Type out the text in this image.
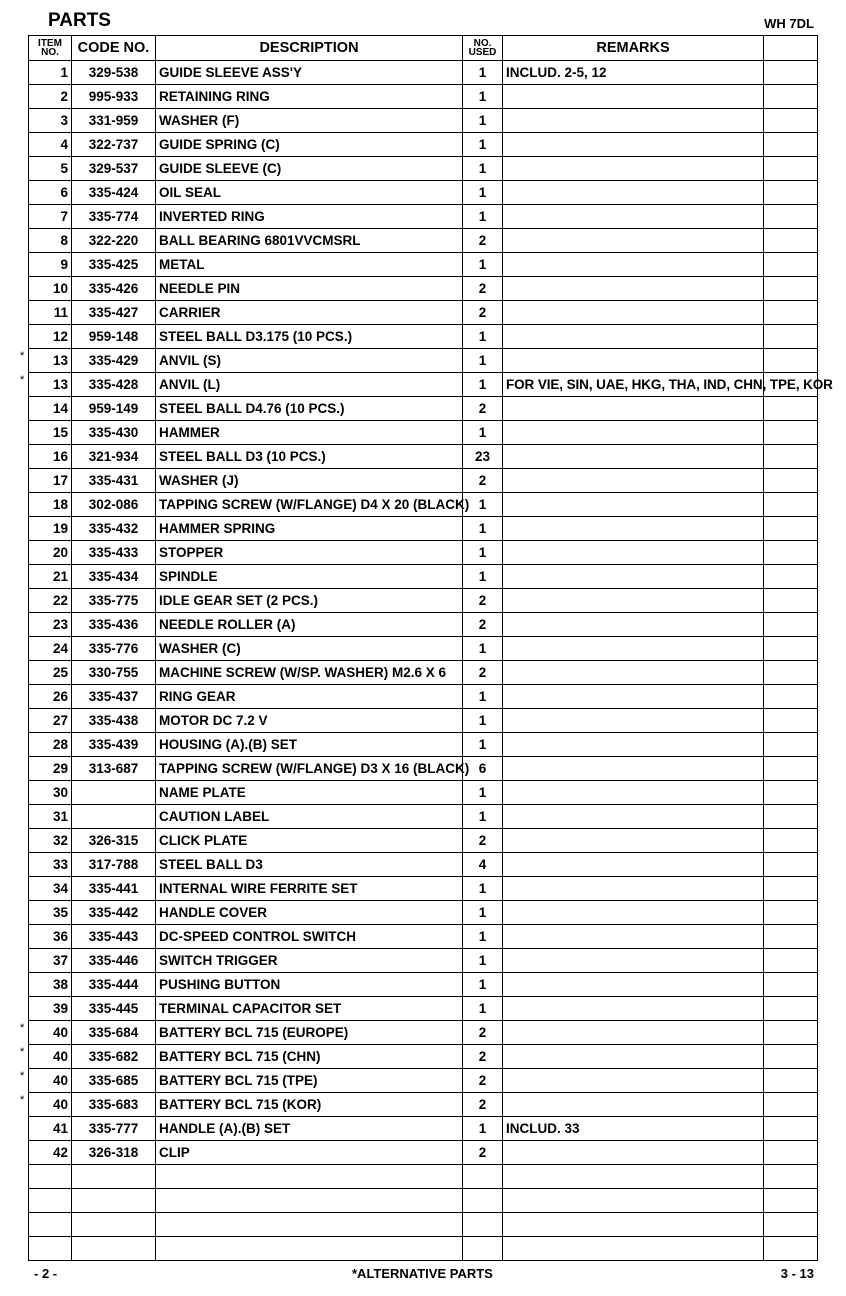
PARTS	WH 7DL
ITEM
NO.	CODE NO.	DESCRIPTION	NO.
USED	REMARKS	
1	329-538	GUIDE SLEEVE ASS'Y	1	INCLUD. 2-5, 12	
2	995-933	RETAINING RING	1		
3	331-959	WASHER (F)	1		
4	322-737	GUIDE SPRING (C)	1		
5	329-537	GUIDE SLEEVE (C)	1		
6	335-424	OIL SEAL	1		
7	335-774	INVERTED RING	1		
8	322-220	BALL BEARING 6801VVCMSRL	2		
9	335-425	METAL	1		
10	335-426	NEEDLE PIN	2		
11	335-427	CARRIER	2		
12	959-148	STEEL BALL D3.175 (10 PCS.)	1		

* 13	335-429	ANVIL (S)	1		

* 13	335-428	ANVIL (L)	1	FOR VIE, SIN, UAE, HKG, THA, IND, CHN, TPE, KOR	
14	959-149	STEEL BALL D4.76 (10 PCS.)	2		
15	335-430	HAMMER	1		
16	321-934	STEEL BALL D3 (10 PCS.)	23		
17	335-431	WASHER (J)	2		
18	302-086	TAPPING SCREW (W/FLANGE) D4 X 20 (BLACK)	1		
19	335-432	HAMMER SPRING	1		
20	335-433	STOPPER	1		
21	335-434	SPINDLE	1		
22	335-775	IDLE GEAR SET (2 PCS.)	2		
23	335-436	NEEDLE ROLLER (A)	2		
24	335-776	WASHER (C)	1		
25	330-755	MACHINE SCREW (W/SP. WASHER) M2.6 X 6	2		
26	335-437	RING GEAR	1		
27	335-438	MOTOR DC 7.2 V	1		
28	335-439	HOUSING (A).(B) SET	1		
29	313-687	TAPPING SCREW (W/FLANGE) D3 X 16 (BLACK)	6		
30		NAME PLATE	1		
31		CAUTION LABEL	1		
32	326-315	CLICK PLATE	2		
33	317-788	STEEL BALL D3	4		
34	335-441	INTERNAL WIRE FERRITE SET	1		
35	335-442	HANDLE COVER	1		
36	335-443	DC-SPEED CONTROL SWITCH	1		
37	335-446	SWITCH TRIGGER	1		
38	335-444	PUSHING BUTTON	1		
39	335-445	TERMINAL CAPACITOR SET	1		

* 40	335-684	BATTERY BCL 715 (EUROPE)	2		

* 40	335-682	BATTERY BCL 715 (CHN)	2		

* 40	335-685	BATTERY BCL 715 (TPE)	2		

* 40	335-683	BATTERY BCL 715 (KOR)	2		
41	335-777	HANDLE (A).(B) SET	1	INCLUD. 33	
42	326-318	CLIP	2		

- 2 -	*ALTERNATIVE PARTS	3 - 13
